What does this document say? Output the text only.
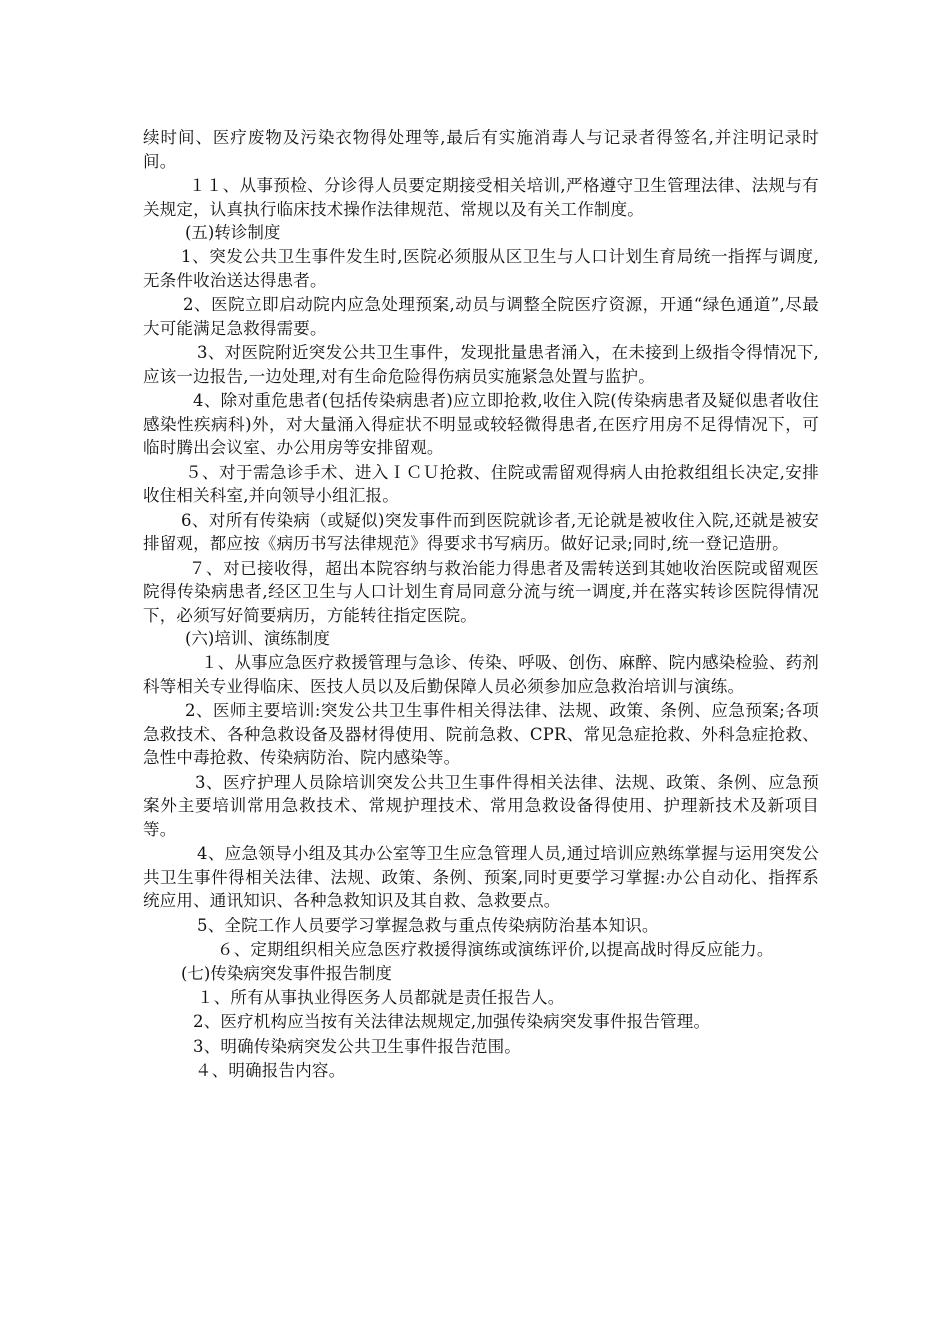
续时间、医疗废物及污染衣物得处理等,最后有实施消毒人与记录者得签名,并注明记录时间。

１１、从事预检、分诊得人员要定期接受相关培训,严格遵守卫生管理法律、法规与有关规定，认真执行临床技术操作法律规范、常规以及有关工作制度。

(五)转诊制度

1、突发公共卫生事件发生时,医院必须服从区卫生与人口计划生育局统一指挥与调度,无条件收治送达得患者。

2、医院立即启动院内应急处理预案,动员与调整全院医疗资源，开通“绿色通道”,尽最大可能满足急救得需要。

3、对医院附近突发公共卫生事件，发现批量患者涌入，在未接到上级指令得情况下,应该一边报告,一边处理,对有生命危险得伤病员实施紧急处置与监护。

4、除对重危患者(包括传染病患者)应立即抢救,收住入院(传染病患者及疑似患者收住感染性疾病科)外，对大量涌入得症状不明显或较轻微得患者,在医疗用房不足得情况下，可临时腾出会议室、办公用房等安排留观。

５、对于需急诊手术、进入ＩＣＵ抢救、住院或需留观得病人由抢救组组长决定,安排收住相关科室,并向领导小组汇报。

6、对所有传染病（或疑似)突发事件而到医院就诊者,无论就是被收住入院,还就是被安排留观，都应按《病历书写法律规范》得要求书写病历。做好记录;同时,统一登记造册。

７、对已接收得，超出本院容纳与救治能力得患者及需转送到其她收治医院或留观医院得传染病患者,经区卫生与人口计划生育局同意分流与统一调度,并在落实转诊医院得情况下，必须写好简要病历，方能转往指定医院。

(六)培训、演练制度

１、从事应急医疗救援管理与急诊、传染、呼吸、创伤、麻醉、院内感染检验、药剂科等相关专业得临床、医技人员以及后勤保障人员必须参加应急救治培训与演练。

2、医师主要培训:突发公共卫生事件相关得法律、法规、政策、条例、应急预案;各项急救技术、各种急救设备及器材得使用、院前急救、CPR、常见急症抢救、外科急症抢救、急性中毒抢救、传染病防治、院内感染等。

3、医疗护理人员除培训突发公共卫生事件得相关法律、法规、政策、条例、应急预案外主要培训常用急救技术、常规护理技术、常用急救设备得使用、护理新技术及新项目等。

4、应急领导小组及其办公室等卫生应急管理人员,通过培训应熟练掌握与运用突发公共卫生事件得相关法律、法规、政策、条例、预案,同时更要学习掌握:办公自动化、指挥系统应用、通讯知识、各种急救知识及其自救、急救要点。

5、全院工作人员要学习掌握急救与重点传染病防治基本知识。

６、定期组织相关应急医疗救援得演练或演练评价,以提高战时得反应能力。

(七)传染病突发事件报告制度

１、所有从事执业得医务人员都就是责任报告人。

2、医疗机构应当按有关法律法规规定,加强传染病突发事件报告管理。

3、明确传染病突发公共卫生事件报告范围。

４、明确报告内容。
